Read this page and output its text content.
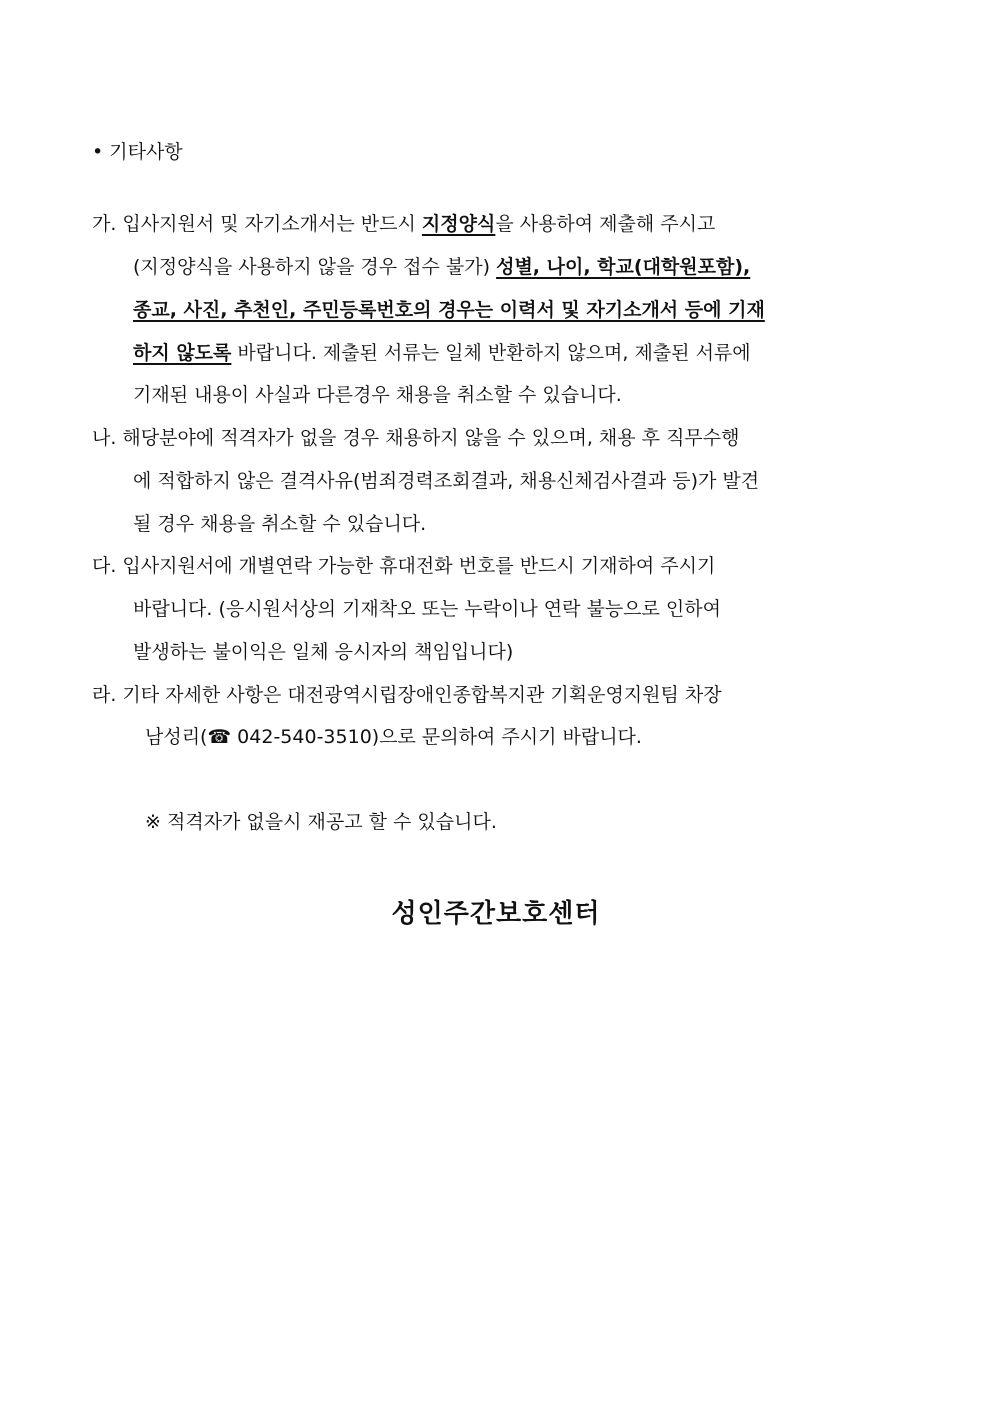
• 기타사항
가. 입사지원서 및 자기소개서는 반드시 지정양식을 사용하여 제출해 주시고
(지정양식을 사용하지 않을 경우 접수 불가) 성별, 나이, 학교(대학원포함),
종교, 사진, 추천인, 주민등록번호의 경우는 이력서 및 자기소개서 등에 기재
하지 않도록 바랍니다. 제출된 서류는 일체 반환하지 않으며, 제출된 서류에
기재된 내용이 사실과 다른경우 채용을 취소할 수 있습니다.
나. 해당분야에 적격자가 없을 경우 채용하지 않을 수 있으며, 채용 후 직무수행
에 적합하지 않은 결격사유(범죄경력조회결과, 채용신체검사결과 등)가 발견
될 경우 채용을 취소할 수 있습니다.
다. 입사지원서에 개별연락 가능한 휴대전화 번호를 반드시 기재하여 주시기
바랍니다. (응시원서상의 기재착오 또는 누락이나 연락 불능으로 인하여
발생하는 불이익은 일체 응시자의 책임입니다)
라. 기타 자세한 사항은 대전광역시립장애인종합복지관 기획운영지원팀 차장
남성리(☎ 042-540-3510)으로 문의하여 주시기 바랍니다.
※ 적격자가 없을시 재공고 할 수 있습니다.
성인주간보호센터
